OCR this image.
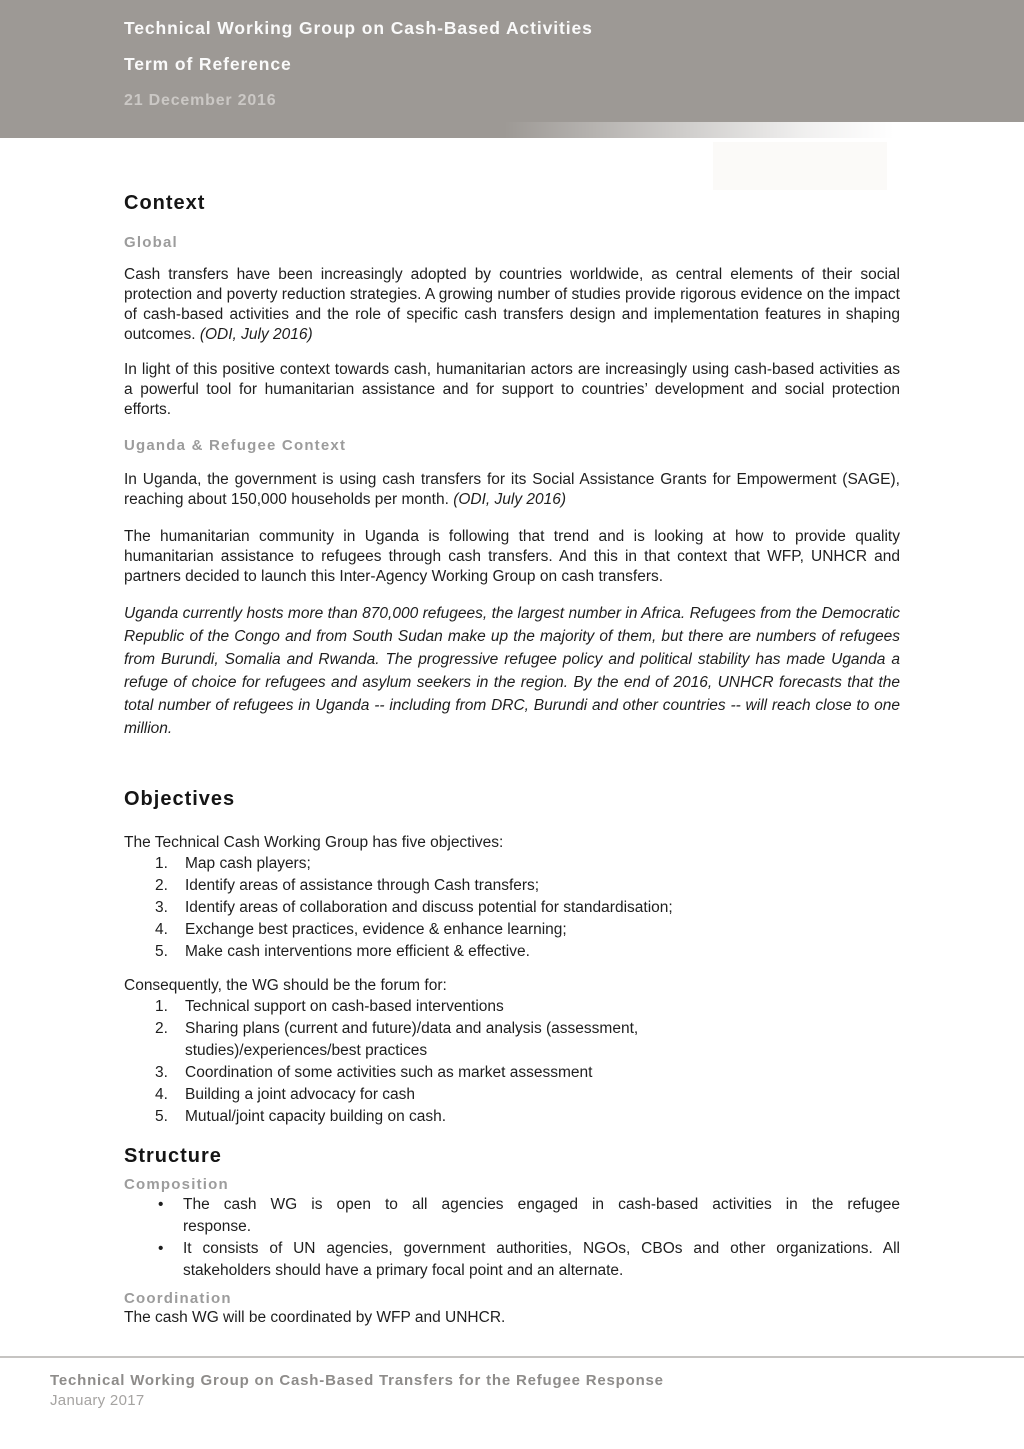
Technical Working Group on Cash-Based Activities
Term of Reference
21 December 2016
Context
Global

Cash transfers have been increasingly adopted by countries worldwide, as central elements of their social protection and poverty reduction strategies. A growing number of studies provide rigorous evidence on the impact of cash-based activities and the role of specific cash transfers design and implementation features in shaping outcomes. (ODI, July 2016)

In light of this positive context towards cash, humanitarian actors are increasingly using cash-based activities as a powerful tool for humanitarian assistance and for support to countries’ development and social protection efforts.

Uganda & Refugee Context

In Uganda, the government is using cash transfers for its Social Assistance Grants for Empowerment (SAGE), reaching about 150,000 households per month. (ODI, July 2016)

The humanitarian community in Uganda is following that trend and is looking at how to provide quality humanitarian assistance to refugees through cash transfers. And this in that context that WFP, UNHCR and partners decided to launch this Inter-Agency Working Group on cash transfers.

Uganda currently hosts more than 870,000 refugees, the largest number in Africa. Refugees from the Democratic Republic of the Congo and from South Sudan make up the majority of them, but there are numbers of refugees from Burundi, Somalia and Rwanda. The progressive refugee policy and political stability has made Uganda a refuge of choice for refugees and asylum seekers in the region. By the end of 2016, UNHCR forecasts that the total number of refugees in Uganda -- including from DRC, Burundi and other countries -- will reach close to one million.

Objectives

The Technical Cash Working Group has five objectives:

1.	Map cash players;
2.	Identify areas of assistance through Cash transfers;
3.	Identify areas of collaboration and discuss potential for standardisation;
4.	Exchange best practices, evidence & enhance learning;
5.	Make cash interventions more efficient & effective.

Consequently, the WG should be the forum for:

1.	Technical support on cash-based interventions
2.	Sharing plans (current and future)/data and analysis (assessment,
studies)/experiences/best practices
3.	Coordination of some activities such as market assessment
4.	Building a joint advocacy for cash
5.	Mutual/joint capacity building on cash.
Structure
Composition
•	The cash WG is open to all agencies engaged in cash-based activities in the refugee
response.
•	It consists of UN agencies, government authorities, NGOs, CBOs and other organizations. All
stakeholders should have a primary focal point and an alternate.
Coordination

The cash WG will be coordinated by WFP and UNHCR.

Technical Working Group on Cash-Based Transfers for the Refugee Response
January 2017
